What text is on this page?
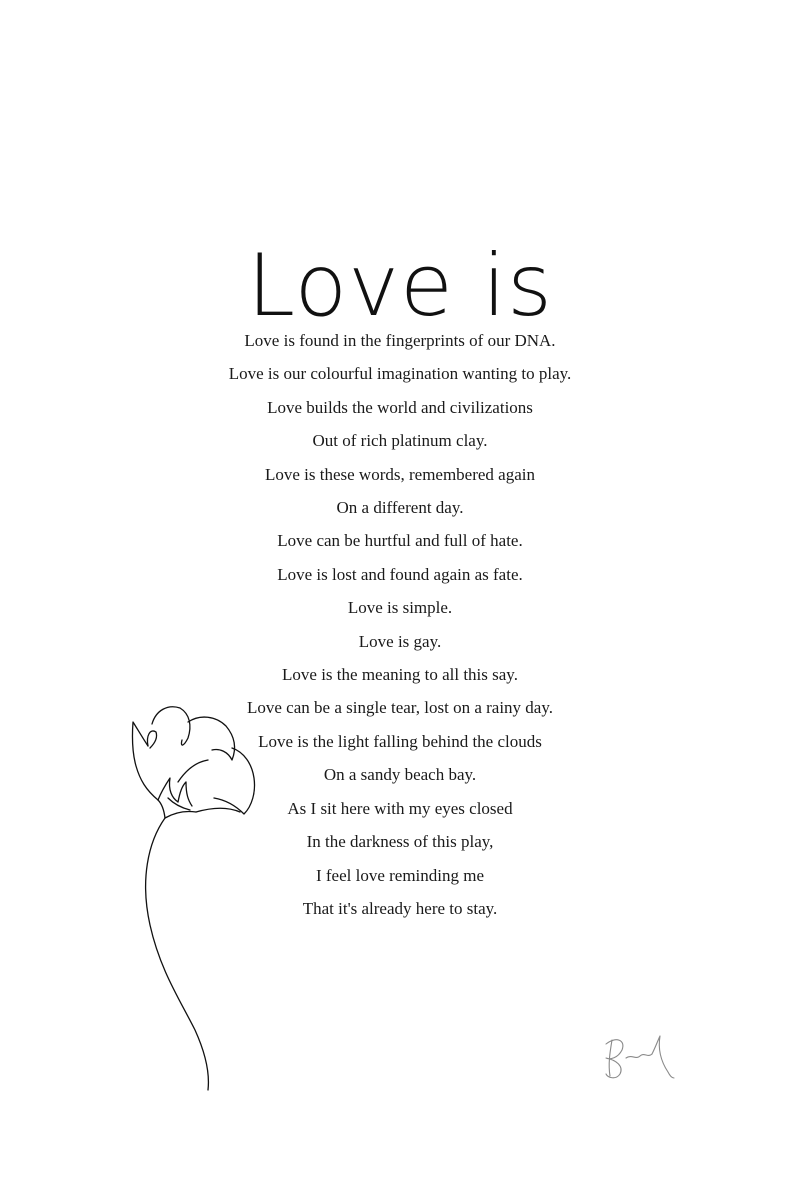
Love is
Love is found in the fingerprints of our DNA.
Love is our colourful imagination wanting to play.
Love builds the world and civilizations
Out of rich platinum clay.
Love is these words, remembered again
On a different day.
Love can be hurtful and full of hate.
Love is lost and found again as fate.
Love is simple.
Love is gay.
Love is the meaning to all this say.
Love can be a single tear, lost on a rainy day.
Love is the light falling behind the clouds
On a sandy beach bay.
As I sit here with my eyes closed
In the darkness of this play,
I feel love reminding me
That it's already here to stay.
